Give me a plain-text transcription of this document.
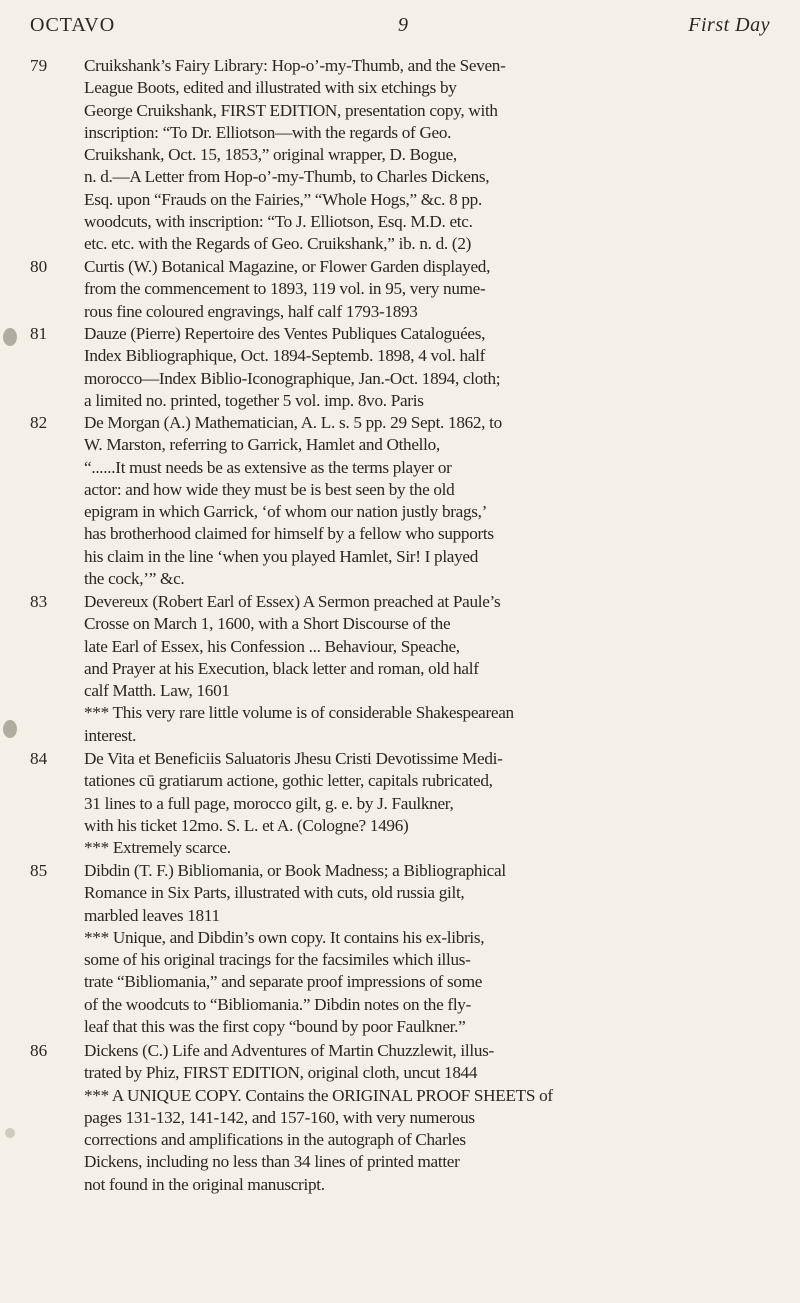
OCTAVO	9	First Day
79	Cruikshank’s Fairy Library: Hop-o’-my-Thumb, and the Seven-
League Boots, edited and illustrated with six etchings by
George Cruikshank, FIRST EDITION, presentation copy, with
inscription: “To Dr. Elliotson—with the regards of Geo.
Cruikshank, Oct. 15, 1853,” original wrapper, D. Bogue,
n. d.—A Letter from Hop-o’-my-Thumb, to Charles Dickens,
Esq. upon “Frauds on the Fairies,” “Whole Hogs,” &c. 8 pp.
woodcuts, with inscription: “To J. Elliotson, Esq. M.D. etc.
etc. etc. with the Regards of Geo. Cruikshank,” ib. n. d. (2)
80	Curtis (W.) Botanical Magazine, or Flower Garden displayed,
from the commencement to 1893, 119 vol. in 95, very nume-
rous fine coloured engravings, half calf 1793-1893
81	Dauze (Pierre) Repertoire des Ventes Publiques Cataloguées,
Index Bibliographique, Oct. 1894-Septemb. 1898, 4 vol. half
morocco—Index Biblio-Iconographique, Jan.-Oct. 1894, cloth;
a limited no. printed, together 5 vol. imp. 8vo. Paris
82	De Morgan (A.) Mathematician, A. L. s. 5 pp. 29 Sept. 1862, to
W. Marston, referring to Garrick, Hamlet and Othello,
“......It must needs be as extensive as the terms player or
actor: and how wide they must be is best seen by the old
epigram in which Garrick, ‘of whom our nation justly brags,’
has brotherhood claimed for himself by a fellow who supports
his claim in the line ‘when you played Hamlet, Sir! I played
the cock,’” &c.
83	Devereux (Robert Earl of Essex) A Sermon preached at Paule’s
Crosse on March 1, 1600, with a Short Discourse of the
late Earl of Essex, his Confession ... Behaviour, Speache,
and Prayer at his Execution, black letter and roman, old half
calf Matth. Law, 1601
*** This very rare little volume is of considerable Shakespearean
interest.
84	De Vita et Beneficiis Saluatoris Jhesu Cristi Devotissime Medi-
tationes cū gratiarum actione, gothic letter, capitals rubricated,
31 lines to a full page, morocco gilt, g. e. by J. Faulkner,
with his ticket 12mo. S. L. et A. (Cologne? 1496)
*** Extremely scarce.
85	Dibdin (T. F.) Bibliomania, or Book Madness; a Bibliographical
Romance in Six Parts, illustrated with cuts, old russia gilt,
marbled leaves 1811
*** Unique, and Dibdin’s own copy. It contains his ex-libris,
some of his original tracings for the facsimiles which illus-
trate “Bibliomania,” and separate proof impressions of some
of the woodcuts to “Bibliomania.” Dibdin notes on the fly-
leaf that this was the first copy “bound by poor Faulkner.”
86	Dickens (C.) Life and Adventures of Martin Chuzzlewit, illus-
trated by Phiz, FIRST EDITION, original cloth, uncut 1844
*** A UNIQUE COPY. Contains the ORIGINAL PROOF SHEETS of
pages 131-132, 141-142, and 157-160, with very numerous
corrections and amplifications in the autograph of Charles
Dickens, including no less than 34 lines of printed matter
not found in the original manuscript.
